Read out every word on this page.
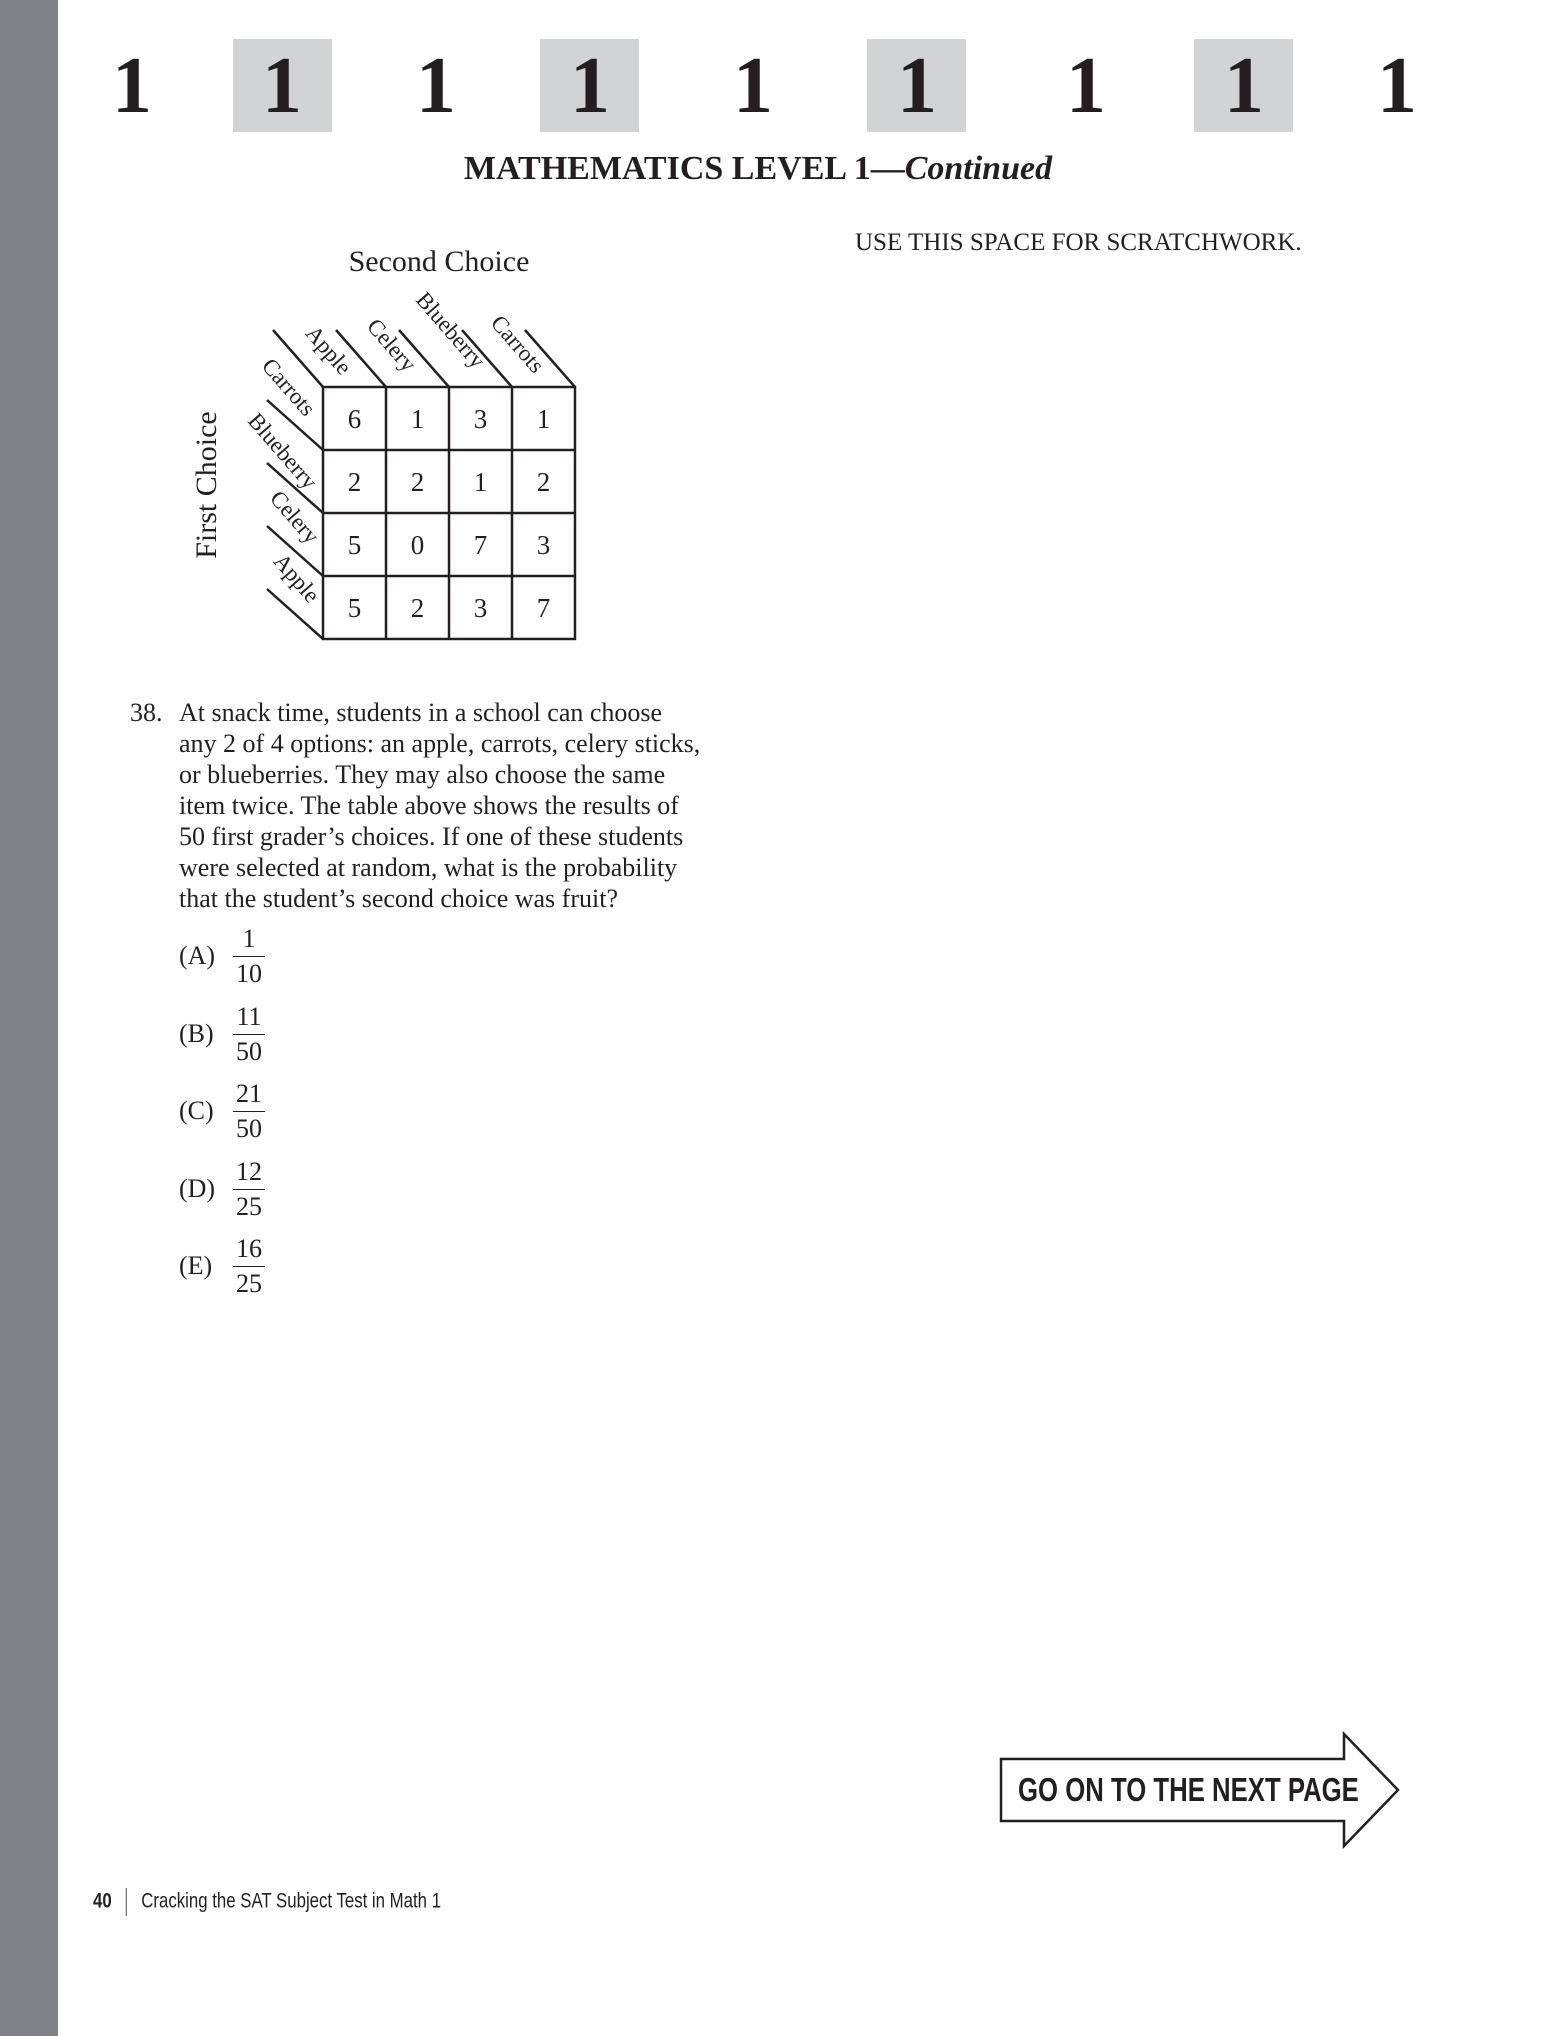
1	1	1	1	1	1	1	1	1
MATHEMATICS LEVEL 1—Continued
USE THIS SPACE FOR SCRATCHWORK.
Second Choice
First Choice
Apple Celery
Blueberry
Carrots
Carrots
Blueberry
Celery
Apple
6 1 3 1
2 2 1 2
5 0 7 3
5 2 3 7
38. At snack time, students in a school can choose
any 2 of 4 options: an apple, carrots, celery sticks,
or blueberries. They may also choose the same
item twice. The table above shows the results of
50 first grader’s choices. If one of these students
were selected at random, what is the probability
that the student’s second choice was fruit?
$(A) \frac{1}{10}$
$(B) \frac{11}{50}$
$(C) \frac{21}{50}$
$(D) \frac{12}{25}$
$(E) \frac{16}{25}$
GO ON TO THE NEXT PAGE
40 Cracking the SAT Subject Test in Math 1
